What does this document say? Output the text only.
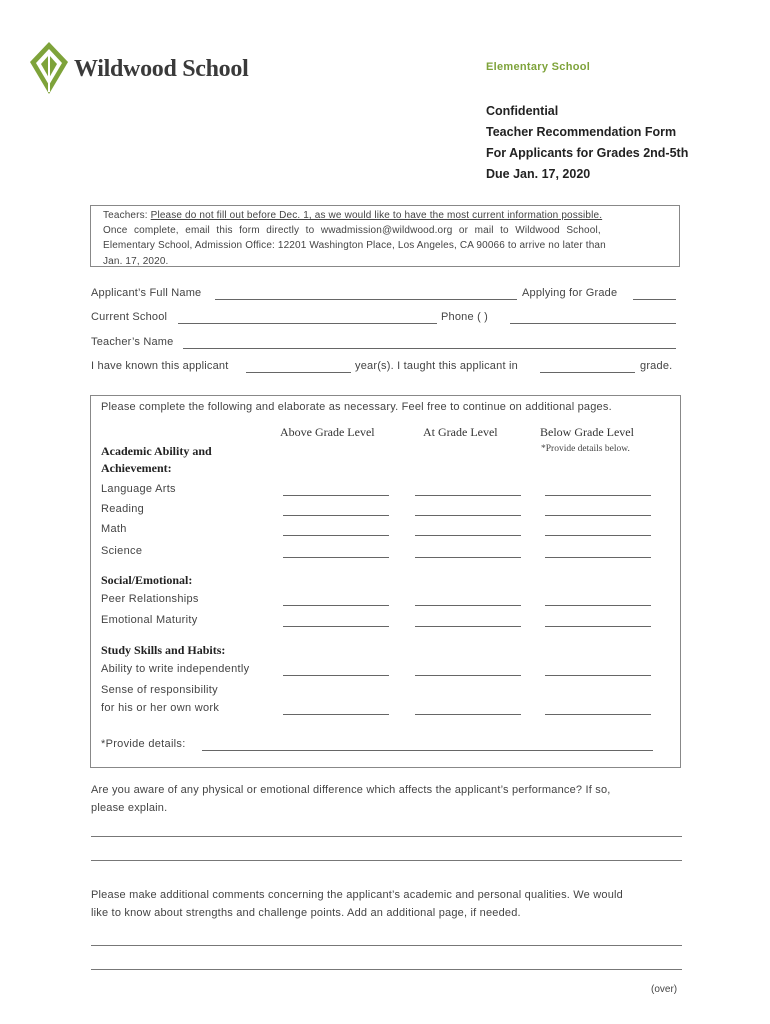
Wildwood School	Elementary School
Confidential
Teacher Recommendation Form
For Applicants for Grades 2nd-5th
Due Jan. 17, 2020
Teachers: Please do not fill out before Dec. 1, as we would like to have the most current information possible.
Once complete, email this form directly to wwadmission@wildwood.org or mail to Wildwood School,
Elementary School, Admission Office: 12201 Washington Place, Los Angeles, CA 90066 to arrive no later than
Jan. 17, 2020.
Applicant’s Full Name	Applying for Grade
Current School	Phone ( )
Teacher’s Name
I have known this applicant	year(s). I taught this applicant in	grade.
Please complete the following and elaborate as necessary. Feel free to continue on additional pages.
Above Grade Level	At Grade Level	Below Grade Level
*Provide details below.
Academic Ability and
Achievement:
Language Arts
Reading
Math
Science
Social/Emotional:
Peer Relationships
Emotional Maturity
Study Skills and Habits:
Ability to write independently
Sense of responsibility
for his or her own work
*Provide details:
Are you aware of any physical or emotional difference which affects the applicant’s performance? If so,
please explain.
Please make additional comments concerning the applicant’s academic and personal qualities. We would
like to know about strengths and challenge points. Add an additional page, if needed.
(over)
